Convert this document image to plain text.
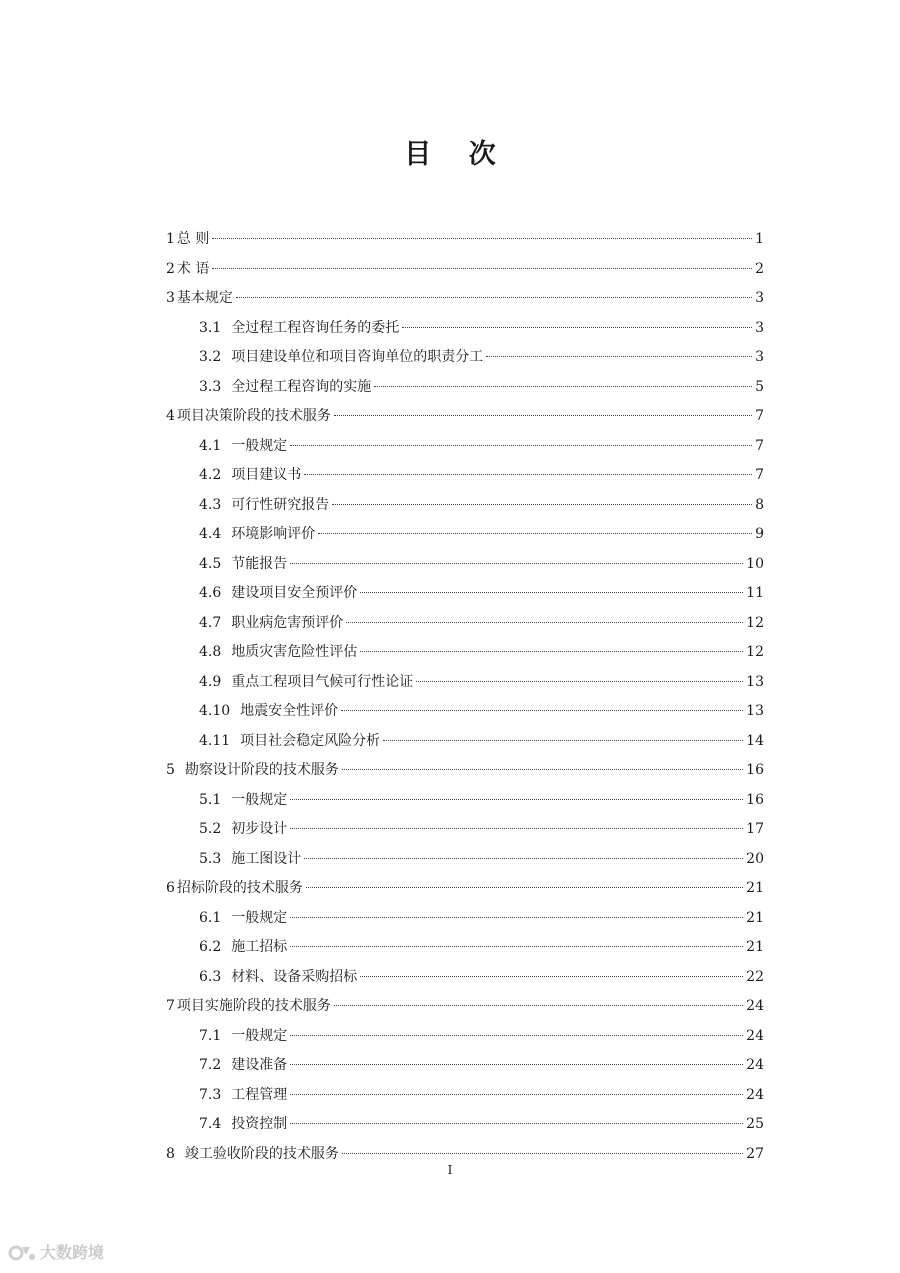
目 次
1 总 则	1
2 术 语	2
3 基本规定	3
3.1 全过程工程咨询任务的委托	3
3.2 项目建设单位和项目咨询单位的职责分工	3
3.3 全过程工程咨询的实施	5
4 项目决策阶段的技术服务	7
4.1 一般规定	7
4.2 项目建议书	7
4.3 可行性研究报告	8
4.4 环境影响评价	9
4.5 节能报告	10
4.6 建设项目安全预评价	11
4.7 职业病危害预评价	12
4.8 地质灾害危险性评估	12
4.9 重点工程项目气候可行性论证	13
4.10 地震安全性评价	13
4.11 项目社会稳定风险分析	14
5 勘察设计阶段的技术服务	16
5.1 一般规定	16
5.2 初步设计	17
5.3 施工图设计	20
6 招标阶段的技术服务	21
6.1 一般规定	21
6.2 施工招标	21
6.3 材料、设备采购招标	22
7 项目实施阶段的技术服务	24
7.1 一般规定	24
7.2 建设准备	24
7.3 工程管理	24
7.4 投资控制	25
8 竣工验收阶段的技术服务	27
I
大数跨境
